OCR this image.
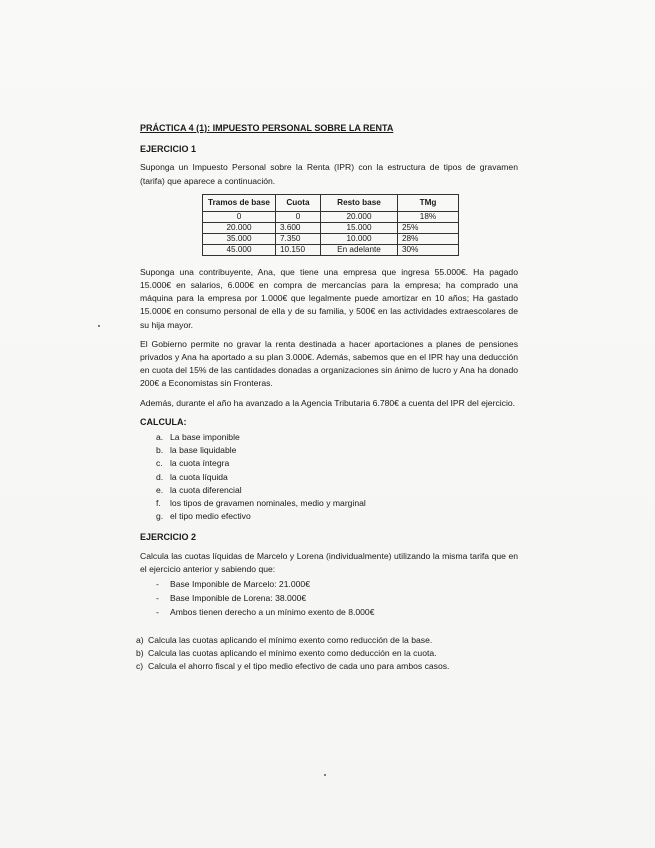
PRÁCTICA 4 (1): IMPUESTO PERSONAL SOBRE LA RENTA
EJERCICIO 1

Suponga un Impuesto Personal sobre la Renta (IPR) con la estructura de tipos de gravamen (tarifa) que aparece a continuación.

Tramos de base	Cuota	Resto base	TMg
0	0	20.000	18%
20.000	3.600	15.000	25%
35.000	7.350	10.000	28%
45.000	10.150	En adelante	30%

Suponga una contribuyente, Ana, que tiene una empresa que ingresa 55.000€. Ha pagado 15.000€ en salarios, 6.000€ en compra de mercancías para la empresa; ha comprado una máquina para la empresa por 1.000€ que legalmente puede amortizar en 10 años; Ha gastado 15.000€ en consumo personal de ella y de su familia, y 500€ en las actividades extraescolares de su hija mayor.

El Gobierno permite no gravar la renta destinada a hacer aportaciones a planes de pensiones privados y Ana ha aportado a su plan 3.000€. Además, sabemos que en el IPR hay una deducción en cuota del 15% de las cantidades donadas a organizaciones sin ánimo de lucro y Ana ha donado 200€ a Economistas sin Fronteras.

Además, durante el año ha avanzado a la Agencia Tributaria 6.780€ a cuenta del IPR del ejercicio.

CALCULA:
a. La base imponible
b. la base liquidable
c. la cuota íntegra
d. la cuota líquida
e. la cuota diferencial
f. los tipos de gravamen nominales, medio y marginal
g. el tipo medio efectivo
EJERCICIO 2

Calcula las cuotas líquidas de Marcelo y Lorena (individualmente) utilizando la misma tarifa que en el ejercicio anterior y sabiendo que:

- Base Imponible de Marcelo: 21.000€
- Base Imponible de Lorena: 38.000€
- Ambos tienen derecho a un mínimo exento de 8.000€
a) Calcula las cuotas aplicando el mínimo exento como reducción de la base.
b) Calcula las cuotas aplicando el mínimo exento como deducción en la cuota.
c) Calcula el ahorro fiscal y el tipo medio efectivo de cada uno para ambos casos.
